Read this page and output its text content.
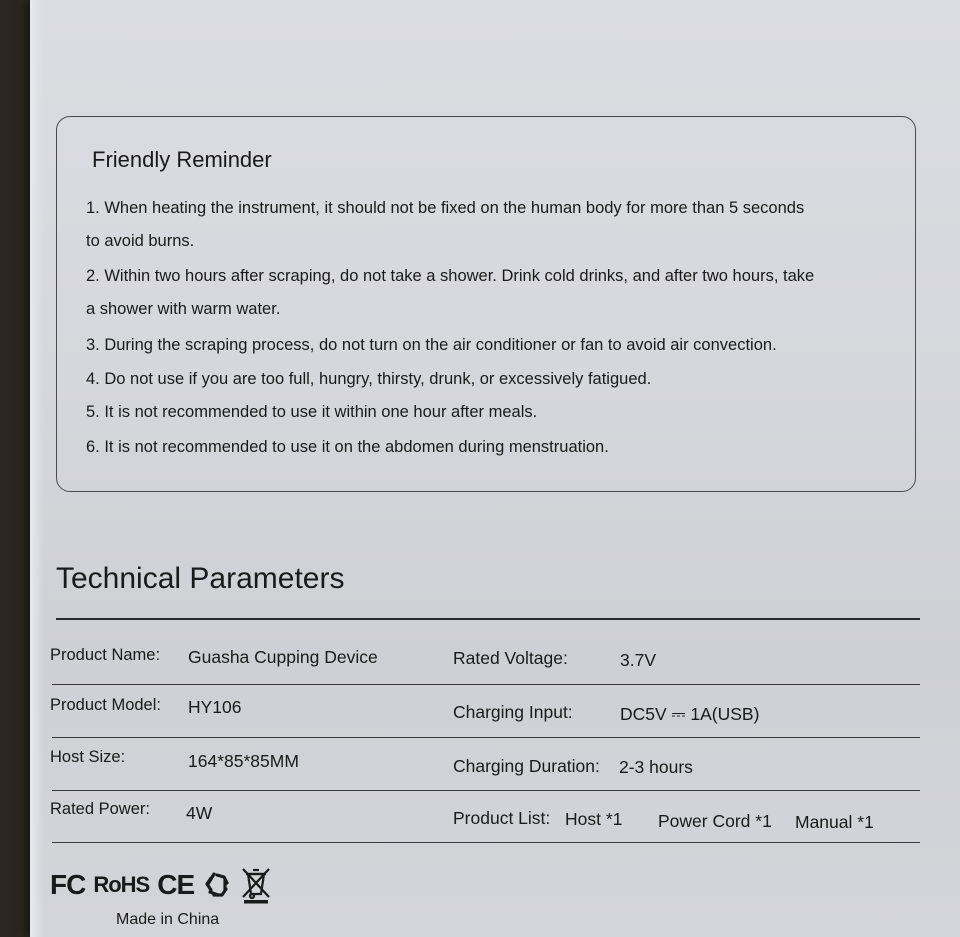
Friendly Reminder
1. When heating the instrument, it should not be fixed on the human body for more than 5 seconds
to avoid burns.
2. Within two hours after scraping, do not take a shower. Drink cold drinks, and after two hours, take
a shower with warm water.
3. During the scraping process, do not turn on the air conditioner or fan to avoid air convection.
4. Do not use if you are too full, hungry, thirsty, drunk, or excessively fatigued.
5. It is not recommended to use it within one hour after meals.
6. It is not recommended to use it on the abdomen during menstruation.
Technical Parameters
Product Name: Guasha Cupping Device	Rated Voltage:	3.7V
Product Model: HY106	Charging Input:	DC5V ⎓ 1A(USB)
Host Size:	164*85*85MM	Charging Duration: 2-3 hours
Rated Power: 4W	Product List: Host *1 Power Cord *1 Manual *1
FC RoHS CE
Made in China
